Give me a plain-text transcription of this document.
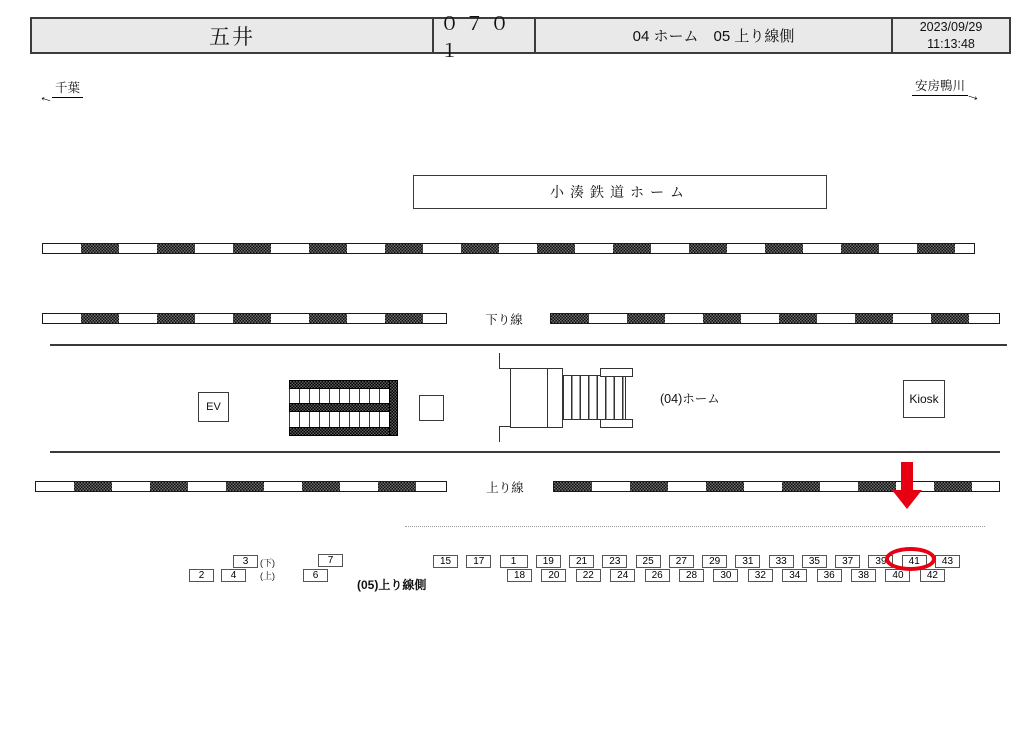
五井
０７０１
04 ホーム　05 上り線側
2023/09/29
11:13:48
千葉
←
安房鴨川
→
小湊鉄道ホーム
下り線
EV
(04)ホーム	Kiosk
上り線
2	4
3	(下)
(上)	6
7
(05)上り線側
15	17	1	19	21	23	25	27	29	31	33	35	37	39	41	43
18	20	22	24	26	28	30	32	34	36	38	40	42
